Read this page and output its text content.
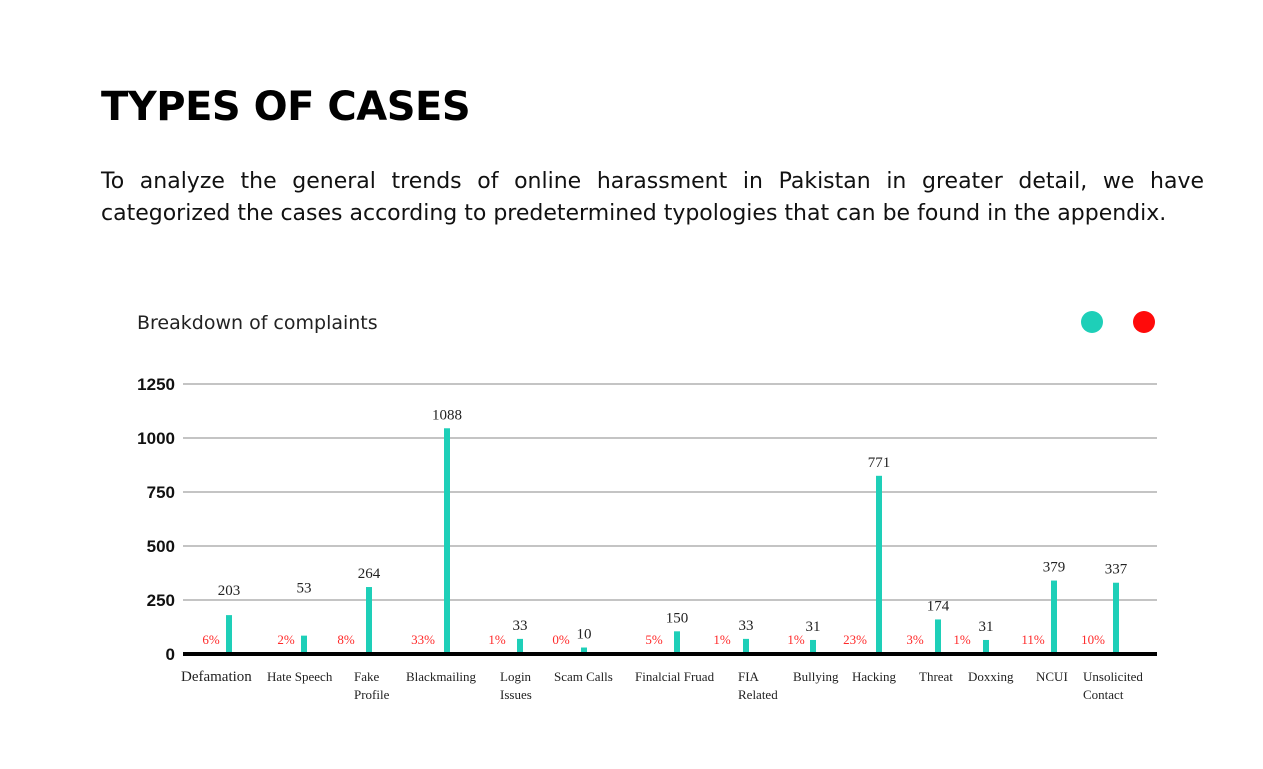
TYPES OF CASES

To analyze the general trends of online harassment in Pakistan in greater detail, we have categorized the cases according to predetermined typologies that can be found in the appendix.

Breakdown of complaints
0
250
500
750
1000
1250
203	53
264
1088
33
10
150	33	31
771
174
31
379	337
6%	2%	8%	33%	1%	0%	5%	1%	1%	23%	3% 1%	11%	10%
Defamation Hate Speech Fake Profile
Blackmailing Login Issues
Scam Calls Finalcial Fruad FIA Related
Bullying Hacking Threat Doxxing NCUI Unsolicited Contact
